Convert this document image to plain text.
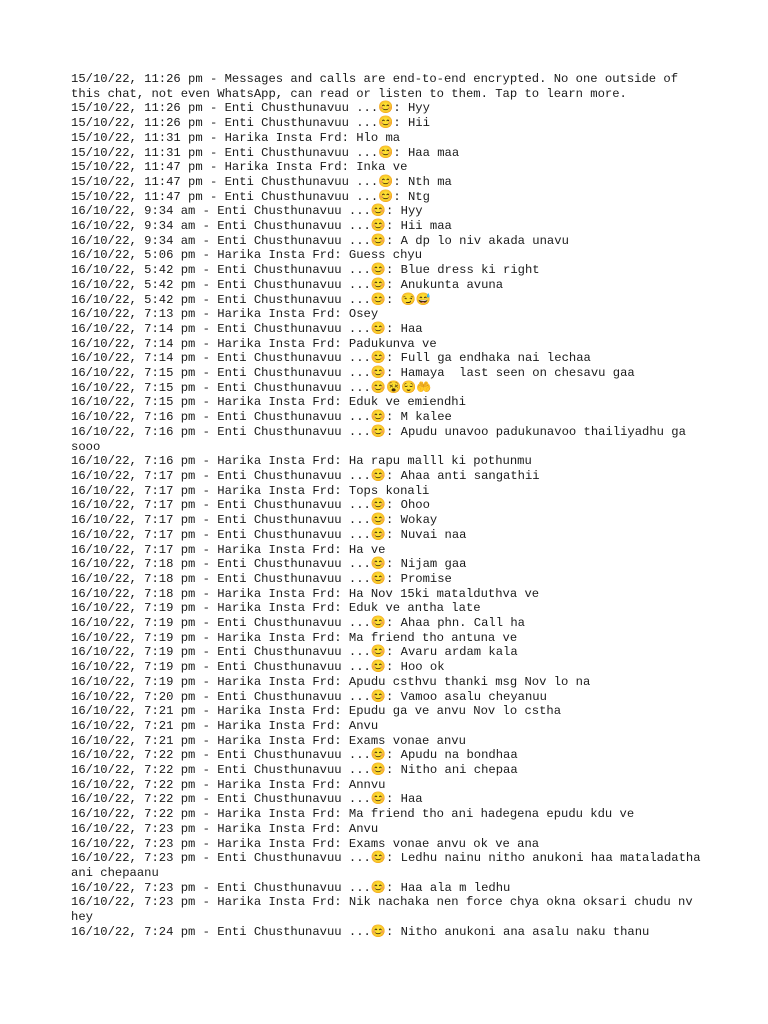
15/10/22, 11:26 pm - Messages and calls are end-to-end encrypted. No one outside of this chat, not even WhatsApp, can read or listen to them. Tap to learn more.
15/10/22, 11:26 pm - Enti Chusthunavuu ...😊: Hyy
15/10/22, 11:26 pm - Enti Chusthunavuu ...😊: Hii
15/10/22, 11:31 pm - Harika Insta Frd: Hlo ma
15/10/22, 11:31 pm - Enti Chusthunavuu ...😊: Haa maa
15/10/22, 11:47 pm - Harika Insta Frd: Inka ve
15/10/22, 11:47 pm - Enti Chusthunavuu ...😊: Nth ma
15/10/22, 11:47 pm - Enti Chusthunavuu ...😊: Ntg
16/10/22, 9:34 am - Enti Chusthunavuu ...😊: Hyy
16/10/22, 9:34 am - Enti Chusthunavuu ...😊: Hii maa
16/10/22, 9:34 am - Enti Chusthunavuu ...😊: A dp lo niv akada unavu
16/10/22, 5:06 pm - Harika Insta Frd: Guess chyu
16/10/22, 5:42 pm - Enti Chusthunavuu ...😊: Blue dress ki right
16/10/22, 5:42 pm - Enti Chusthunavuu ...😊: Anukunta avuna
16/10/22, 5:42 pm - Enti Chusthunavuu ...😊: 😏😅
16/10/22, 7:13 pm - Harika Insta Frd: Osey
16/10/22, 7:14 pm - Enti Chusthunavuu ...😊: Haa
16/10/22, 7:14 pm - Harika Insta Frd: Padukunva ve
16/10/22, 7:14 pm - Enti Chusthunavuu ...😊: Full ga endhaka nai lechaa
16/10/22, 7:15 pm - Enti Chusthunavuu ...😊: Hamaya  last seen on chesavu gaa
16/10/22, 7:15 pm - Enti Chusthunavuu ...😊😵😌🤲
16/10/22, 7:15 pm - Harika Insta Frd: Eduk ve emiendhi
16/10/22, 7:16 pm - Enti Chusthunavuu ...😊: M kalee
16/10/22, 7:16 pm - Enti Chusthunavuu ...😊: Apudu unavoo padukunavoo thailiyadhu ga sooo
16/10/22, 7:16 pm - Harika Insta Frd: Ha rapu malll ki pothunmu
16/10/22, 7:17 pm - Enti Chusthunavuu ...😊: Ahaa anti sangathii
16/10/22, 7:17 pm - Harika Insta Frd: Tops konali
16/10/22, 7:17 pm - Enti Chusthunavuu ...😊: Ohoo
16/10/22, 7:17 pm - Enti Chusthunavuu ...😊: Wokay
16/10/22, 7:17 pm - Enti Chusthunavuu ...😊: Nuvai naa
16/10/22, 7:17 pm - Harika Insta Frd: Ha ve
16/10/22, 7:18 pm - Enti Chusthunavuu ...😊: Nijam gaa
16/10/22, 7:18 pm - Enti Chusthunavuu ...😊: Promise
16/10/22, 7:18 pm - Harika Insta Frd: Ha Nov 15ki matalduthva ve
16/10/22, 7:19 pm - Harika Insta Frd: Eduk ve antha late
16/10/22, 7:19 pm - Enti Chusthunavuu ...😊: Ahaa phn. Call ha
16/10/22, 7:19 pm - Harika Insta Frd: Ma friend tho antuna ve
16/10/22, 7:19 pm - Enti Chusthunavuu ...😊: Avaru ardam kala
16/10/22, 7:19 pm - Enti Chusthunavuu ...😊: Hoo ok
16/10/22, 7:19 pm - Harika Insta Frd: Apudu csthvu thanki msg Nov lo na
16/10/22, 7:20 pm - Enti Chusthunavuu ...😊: Vamoo asalu cheyanuu
16/10/22, 7:21 pm - Harika Insta Frd: Epudu ga ve anvu Nov lo cstha
16/10/22, 7:21 pm - Harika Insta Frd: Anvu
16/10/22, 7:21 pm - Harika Insta Frd: Exams vonae anvu
16/10/22, 7:22 pm - Enti Chusthunavuu ...😊: Apudu na bondhaa
16/10/22, 7:22 pm - Enti Chusthunavuu ...😊: Nitho ani chepaa
16/10/22, 7:22 pm - Harika Insta Frd: Annvu
16/10/22, 7:22 pm - Enti Chusthunavuu ...😊: Haa
16/10/22, 7:22 pm - Harika Insta Frd: Ma friend tho ani hadegena epudu kdu ve
16/10/22, 7:23 pm - Harika Insta Frd: Anvu
16/10/22, 7:23 pm - Harika Insta Frd: Exams vonae anvu ok ve ana
16/10/22, 7:23 pm - Enti Chusthunavuu ...😊: Ledhu nainu nitho anukoni haa mataladatha ani chepaanu
16/10/22, 7:23 pm - Enti Chusthunavuu ...😊: Haa ala m ledhu
16/10/22, 7:23 pm - Harika Insta Frd: Nik nachaka nen force chya okna oksari chudu nv hey
16/10/22, 7:24 pm - Enti Chusthunavuu ...😊: Nitho anukoni ana asalu naku thanu
